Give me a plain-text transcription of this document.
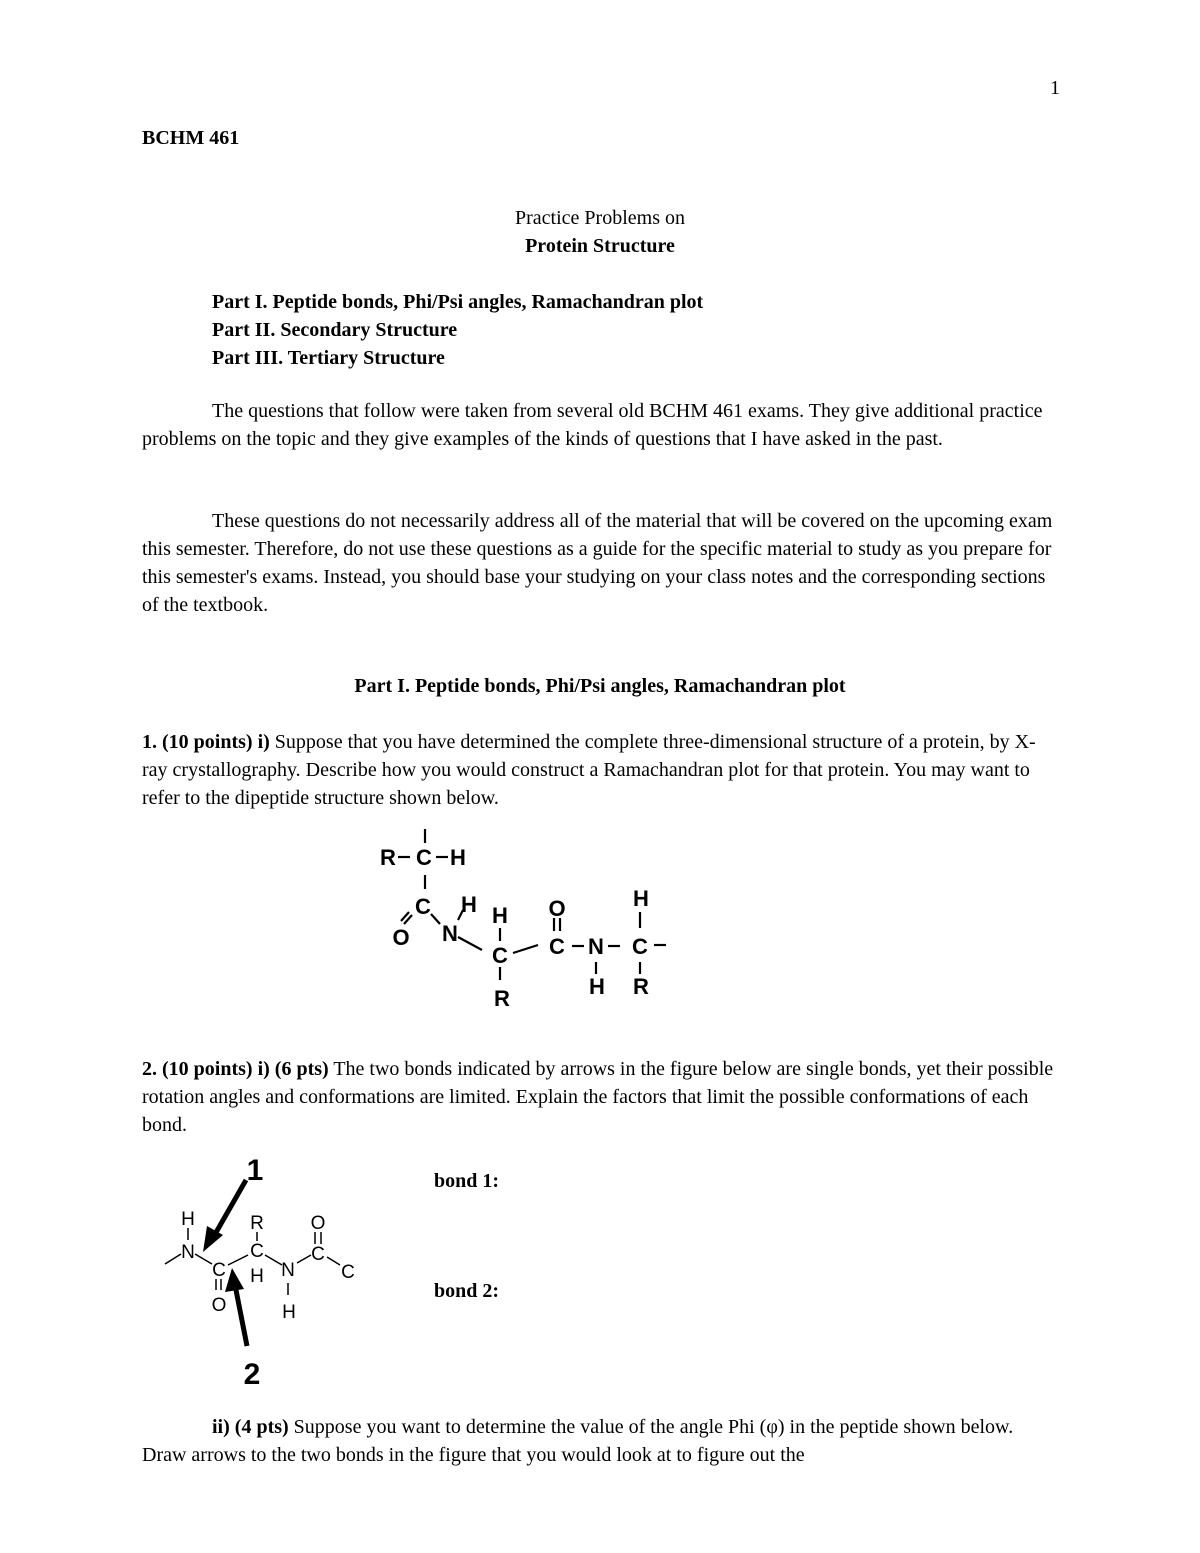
1
BCHM 461
Practice Problems on
Protein Structure
Part I. Peptide bonds, Phi/Psi angles, Ramachandran plot
Part II. Secondary Structure
Part III. Tertiary Structure
The questions that follow were taken from several old BCHM 461 exams. They give additional practice problems on the topic and they give examples of the kinds of questions that I have asked in the past.
These questions do not necessarily address all of the material that will be covered on the upcoming exam this semester. Therefore, do not use these questions as a guide for the specific material to study as you prepare for this semester's exams. Instead, you should base your studying on your class notes and the corresponding sections of the textbook.
Part I. Peptide bonds, Phi/Psi angles, Ramachandran plot
1. (10 points) i) Suppose that you have determined the complete three-dimensional structure of a protein, by X-ray crystallography. Describe how you would construct a Ramachandran plot for that protein. You may want to refer to the dipeptide structure shown below.
R C H
C
O N
H H
C
R
O
C N
H
H
C
R
2. (10 points) i) (6 pts) The two bonds indicated by arrows in the figure below are single bonds, yet their possible rotation angles and conformations are limited. Explain the factors that limit the possible conformations of each bond.
H
N
C
O
R
C
H N
H
O
C
C
1
2
bond 1:
bond 2:
ii) (4 pts) Suppose you want to determine the value of the angle Phi (φ) in the peptide shown below. Draw arrows to the two bonds in the figure that you would look at to figure out the
